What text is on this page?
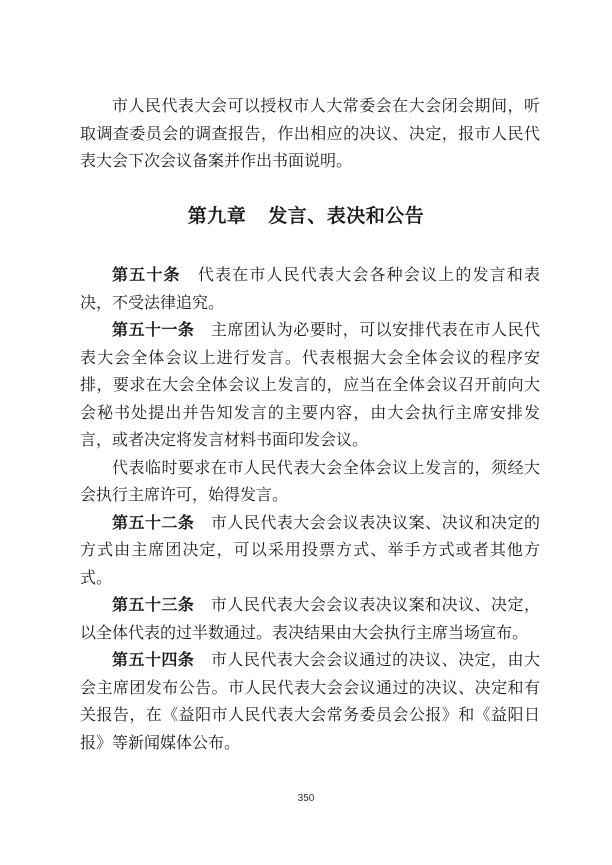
市人民代表大会可以授权市人大常委会在大会闭会期间，听取调查委员会的调查报告，作出相应的决议、决定，报市人民代表大会下次会议备案并作出书面说明。

第九章 发言、表决和公告

第五十条 代表在市人民代表大会各种会议上的发言和表决，不受法律追究。

第五十一条 主席团认为必要时，可以安排代表在市人民代表大会全体会议上进行发言。代表根据大会全体会议的程序安排，要求在大会全体会议上发言的，应当在全体会议召开前向大会秘书处提出并告知发言的主要内容，由大会执行主席安排发言，或者决定将发言材料书面印发会议。

代表临时要求在市人民代表大会全体会议上发言的，须经大会执行主席许可，始得发言。

第五十二条 市人民代表大会会议表决议案、决议和决定的方式由主席团决定，可以采用投票方式、举手方式或者其他方式。

第五十三条 市人民代表大会会议表决议案和决议、决定，以全体代表的过半数通过。表决结果由大会执行主席当场宣布。

第五十四条 市人民代表大会会议通过的决议、决定，由大会主席团发布公告。市人民代表大会会议通过的决议、决定和有关报告，在《益阳市人民代表大会常务委员会公报》和《益阳日报》等新闻媒体公布。

350
